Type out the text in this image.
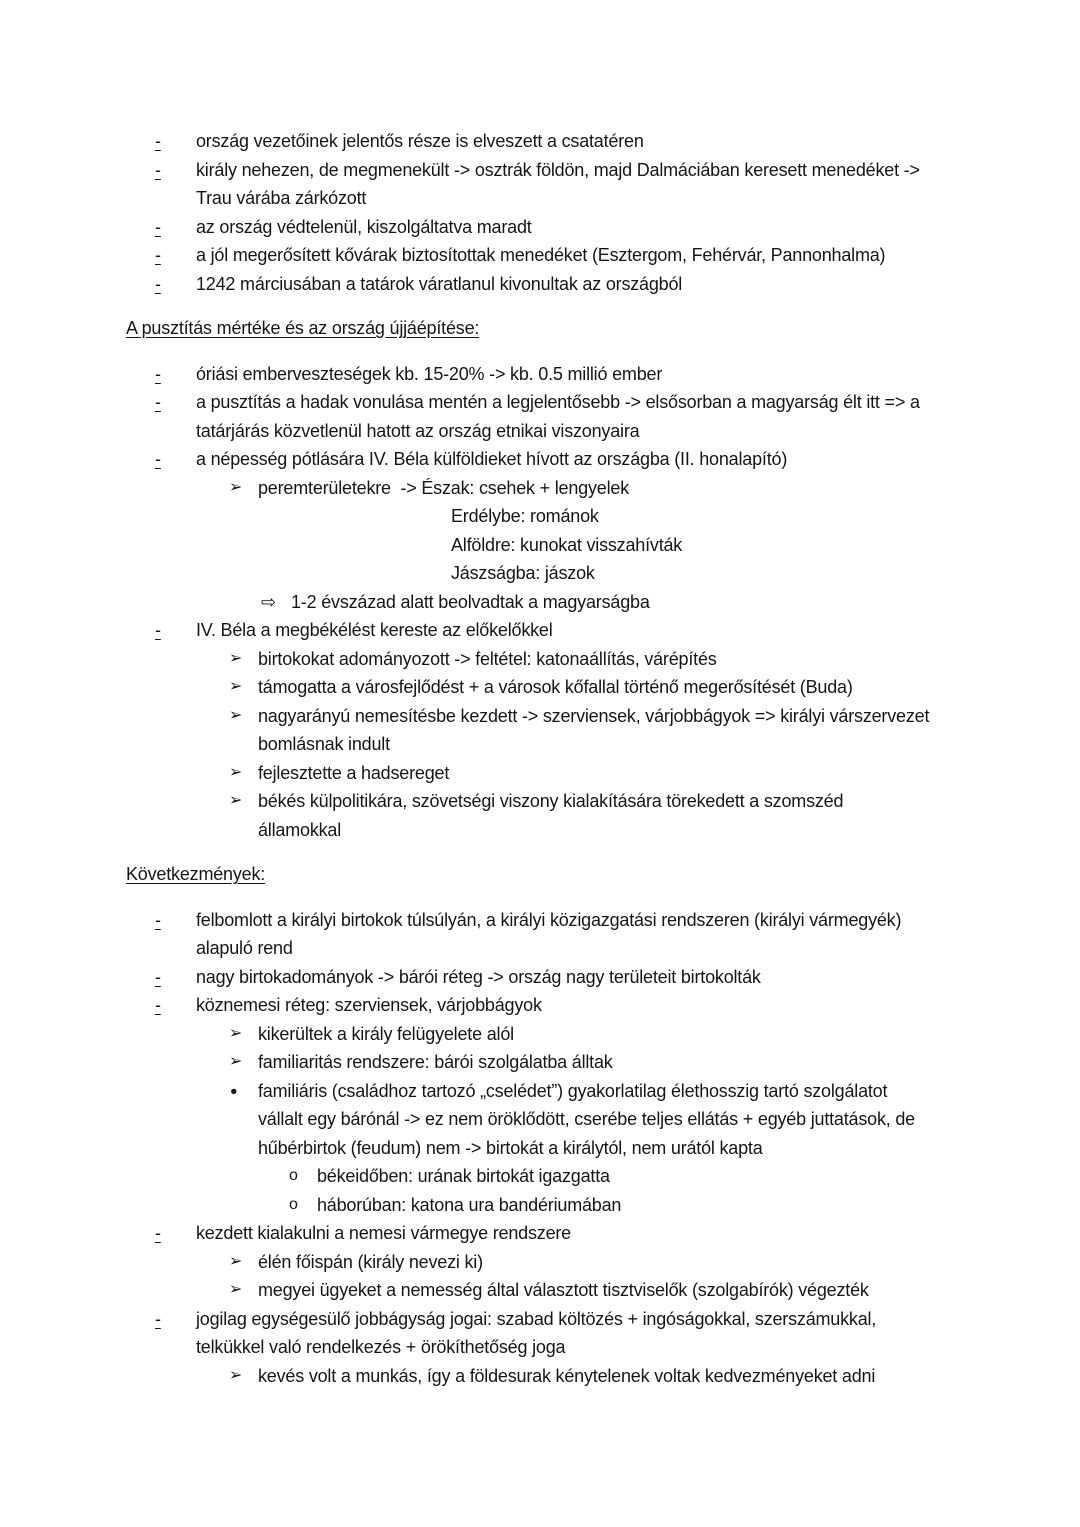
- ország vezetőinek jelentős része is elveszett a csatatéren
- király nehezen, de megmenekült -> osztrák földön, majd Dalmáciában keresett menedéket ->
Trau várába zárkózott
- az ország védtelenül, kiszolgáltatva maradt
- a jól megerősített kővárak biztosítottak menedéket (Esztergom, Fehérvár, Pannonhalma)
- 1242 márciusában a tatárok váratlanul kivonultak az országból
A pusztítás mértéke és az ország újjáépítése:
- óriási emberveszteségek kb. 15-20% -> kb. 0.5 millió ember
- a pusztítás a hadak vonulása mentén a legjelentősebb -> elsősorban a magyarság élt itt => a
tatárjárás közvetlenül hatott az ország etnikai viszonyaira
- a népesség pótlására IV. Béla külföldieket hívott az országba (II. honalapító)
➢ peremterületekre  -> Észak: csehek + lengyelek
Erdélybe: románok
Alföldre: kunokat visszahívták
Jászságba: jászok
⇨ 1-2 évszázad alatt beolvadtak a magyarságba
- IV. Béla a megbékélést kereste az előkelőkkel
➢ birtokokat adományozott -> feltétel: katonaállítás, várépítés
➢ támogatta a városfejlődést + a városok kőfallal történő megerősítését (Buda)
➢ nagyarányú nemesítésbe kezdett -> szerviensek, várjobbágyok => királyi várszervezet
bomlásnak indult
➢ fejlesztette a hadsereget
➢ békés külpolitikára, szövetségi viszony kialakítására törekedett a szomszéd
államokkal
Következmények:
- felbomlott a királyi birtokok túlsúlyán, a királyi közigazgatási rendszeren (királyi vármegyék)
alapuló rend
- nagy birtokadományok -> bárói réteg -> ország nagy területeit birtokolták
- köznemesi réteg: szerviensek, várjobbágyok
➢ kikerültek a király felügyelete alól
➢ familiaritás rendszere: bárói szolgálatba álltak
● familiáris (családhoz tartozó „cselédet”) gyakorlatilag élethosszig tartó szolgálatot
vállalt egy bárónál -> ez nem öröklődött, cserébe teljes ellátás + egyéb juttatások, de
hűbérbirtok (feudum) nem -> birtokát a királytól, nem urától kapta
o békeidőben: urának birtokát igazgatta
o háborúban: katona ura bandériumában
- kezdett kialakulni a nemesi vármegye rendszere
➢ élén főispán (király nevezi ki)
➢ megyei ügyeket a nemesség által választott tisztviselők (szolgabírók) végezték
- jogilag egységesülő jobbágyság jogai: szabad költözés + ingóságokkal, szerszámukkal,
telkükkel való rendelkezés + örökíthetőség joga
➢ kevés volt a munkás, így a földesurak kénytelenek voltak kedvezményeket adni
